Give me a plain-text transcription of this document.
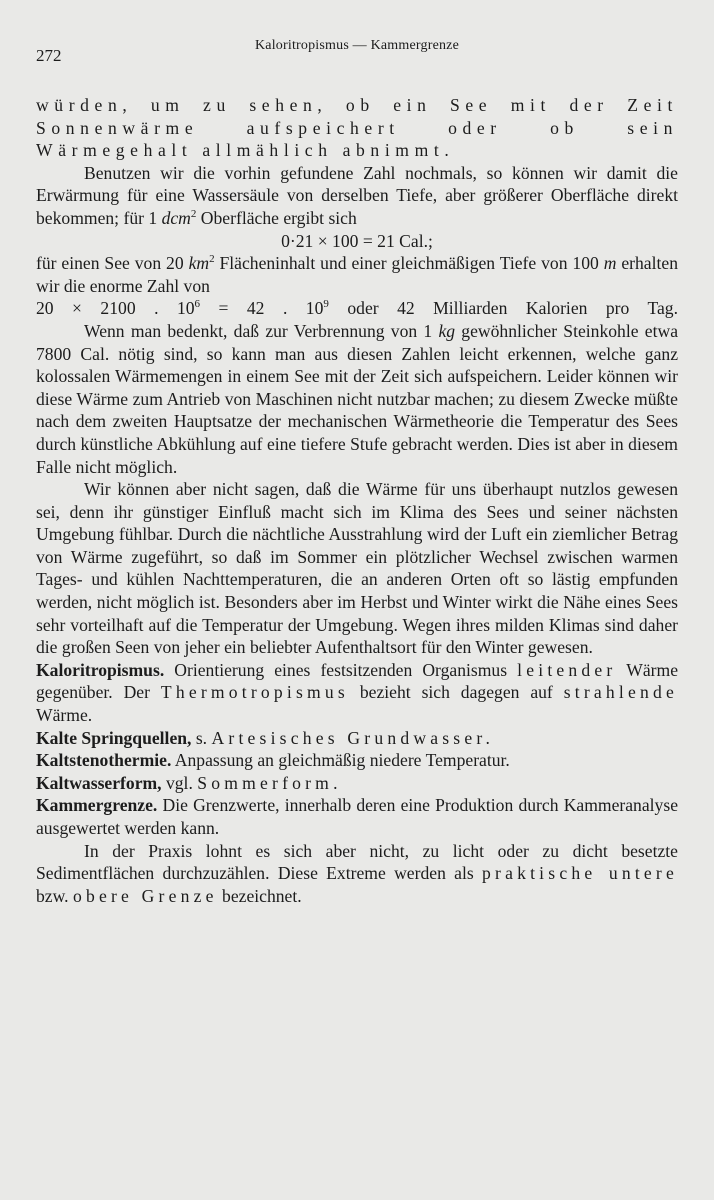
272
Kaloritropismus — Kammergrenze

würden, um zu sehen, ob ein See mit der Zeit Sonnenwärme aufspeichert oder ob sein Wärmegehalt allmählich abnimmt.

Benutzen wir die vorhin gefundene Zahl nochmals, so können wir damit die Erwärmung für eine Wassersäule von derselben Tiefe, aber größerer Oberfläche direkt bekommen; für 1 dcm$^2$ Oberfläche ergibt sich

0·21 × 100 = 21 Cal.;

für einen See von 20 $km^2$ Flächeninhalt und einer gleichmäßigen Tiefe von 100 m erhalten wir die enorme Zahl von

20 × 2100 . $10^6 = 42$ . $10^9$ oder 42 Milliarden Kalorien pro Tag.

Wenn man bedenkt, daß zur Verbrennung von 1 kg gewöhnlicher Steinkohle etwa 7800 Cal. nötig sind, so kann man aus diesen Zahlen leicht erkennen, welche ganz kolossalen Wärmemengen in einem See mit der Zeit sich aufspeichern. Leider können wir diese Wärme zum Antrieb von Maschinen nicht nutzbar machen; zu diesem Zwecke müßte nach dem zweiten Hauptsatze der mechanischen Wärmetheorie die Temperatur des Sees durch künstliche Abkühlung auf eine tiefere Stufe gebracht werden. Dies ist aber in diesem Falle nicht möglich.

Wir können aber nicht sagen, daß die Wärme für uns überhaupt nutzlos gewesen sei, denn ihr günstiger Einfluß macht sich im Klima des Sees und seiner nächsten Umgebung fühlbar. Durch die nächtliche Ausstrahlung wird der Luft ein ziemlicher Betrag von Wärme zugeführt, so daß im Sommer ein plötzlicher Wechsel zwischen warmen Tages- und kühlen Nachttemperaturen, die an anderen Orten oft so lästig empfunden werden, nicht möglich ist. Besonders aber im Herbst und Winter wirkt die Nähe eines Sees sehr vorteilhaft auf die Temperatur der Umgebung. Wegen ihres milden Klimas sind daher die großen Seen von jeher ein beliebter Aufenthaltsort für den Winter gewesen.

Kaloritropismus. Orientierung eines festsitzenden Organismus leitender Wärme gegenüber. Der Thermotropismus bezieht sich dagegen auf strahlende Wärme.

Kalte Springquellen, s. Artesisches Grundwasser.

Kaltstenothermie. Anpassung an gleichmäßig niedere Temperatur.

Kaltwasserform, vgl. Sommerform.

Kammergrenze. Die Grenzwerte, innerhalb deren eine Produktion durch Kammeranalyse ausgewertet werden kann.

In der Praxis lohnt es sich aber nicht, zu licht oder zu dicht besetzte Sedimentflächen durchzuzählen. Diese Extreme werden als praktische untere bzw. obere Grenze bezeichnet.
